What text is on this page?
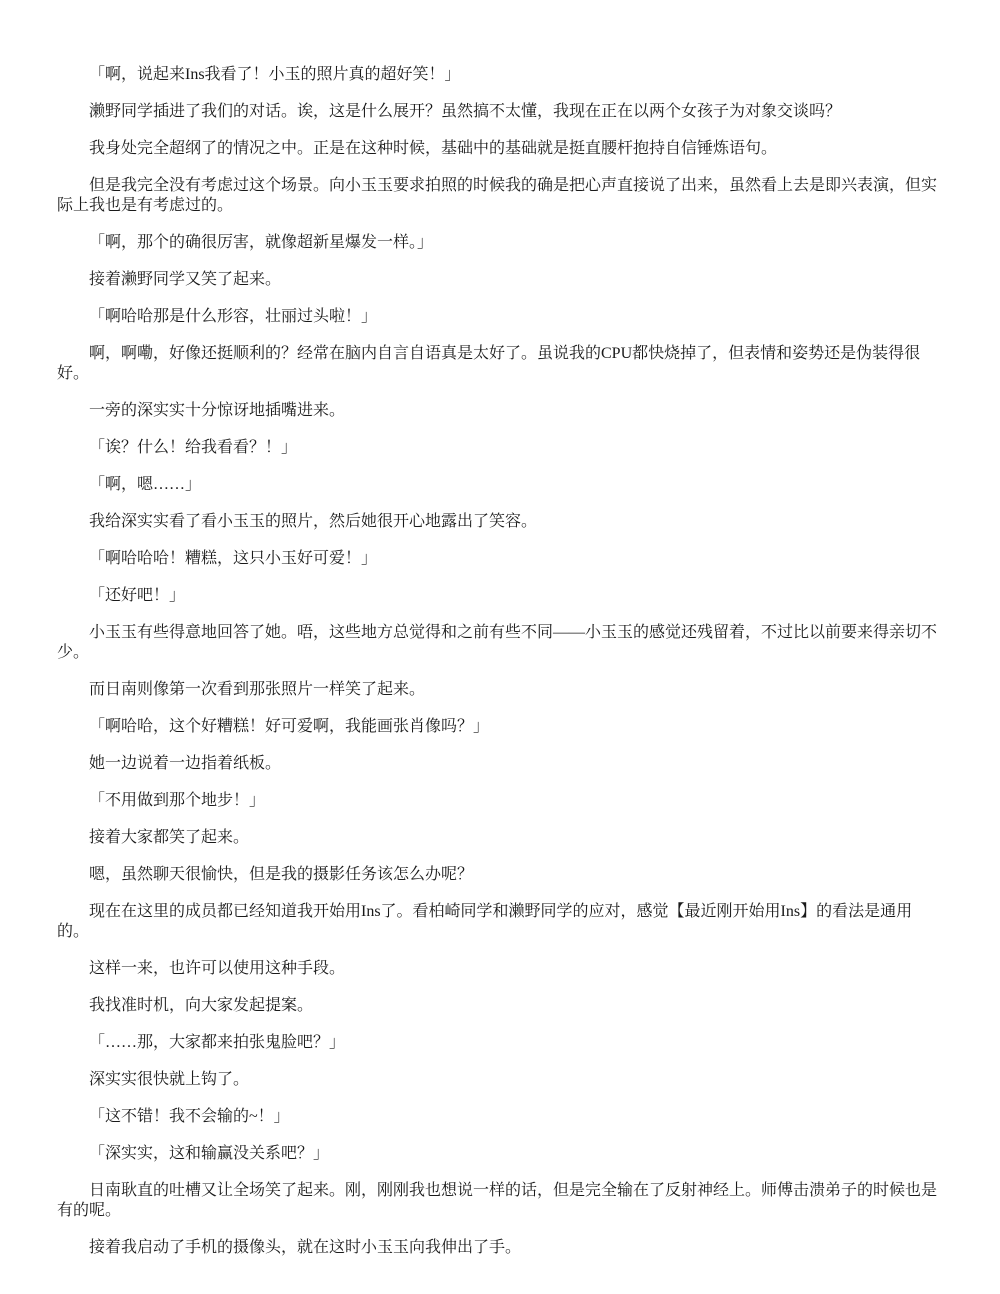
「啊，说起来Ins我看了！小玉的照片真的超好笑！」

濑野同学插进了我们的对话。诶，这是什么展开？虽然搞不太懂，我现在正在以两个女孩子为对象交谈吗？

我身处完全超纲了的情况之中。正是在这种时候，基础中的基础就是挺直腰杆抱持自信锤炼语句。

但是我完全没有考虑过这个场景。向小玉玉要求拍照的时候我的确是把心声直接说了出来，虽然看上去是即兴表演，但实际上我也是有考虑过的。

「啊，那个的确很厉害，就像超新星爆发一样。」

接着濑野同学又笑了起来。

「啊哈哈那是什么形容，壮丽过头啦！」

啊，啊嘞，好像还挺顺利的？经常在脑内自言自语真是太好了。虽说我的CPU都快烧掉了，但表情和姿势还是伪装得很好。

一旁的深实实十分惊讶地插嘴进来。

「诶？什么！给我看看？！」

「啊，嗯……」

我给深实实看了看小玉玉的照片，然后她很开心地露出了笑容。

「啊哈哈哈！糟糕，这只小玉好可爱！」

「还好吧！」

小玉玉有些得意地回答了她。唔，这些地方总觉得和之前有些不同——小玉玉的感觉还残留着，不过比以前要来得亲切不少。

而日南则像第一次看到那张照片一样笑了起来。

「啊哈哈，这个好糟糕！好可爱啊，我能画张肖像吗？」

她一边说着一边指着纸板。

「不用做到那个地步！」

接着大家都笑了起来。

嗯，虽然聊天很愉快，但是我的摄影任务该怎么办呢？

现在在这里的成员都已经知道我开始用Ins了。看柏崎同学和濑野同学的应对，感觉【最近刚开始用Ins】的看法是通用的。

这样一来，也许可以使用这种手段。

我找准时机，向大家发起提案。

「……那，大家都来拍张鬼脸吧？」

深实实很快就上钩了。

「这不错！我不会输的~！」

「深实实，这和输赢没关系吧？」

日南耿直的吐槽又让全场笑了起来。刚，刚刚我也想说一样的话，但是完全输在了反射神经上。师傅击溃弟子的时候也是有的呢。

接着我启动了手机的摄像头，就在这时小玉玉向我伸出了手。
